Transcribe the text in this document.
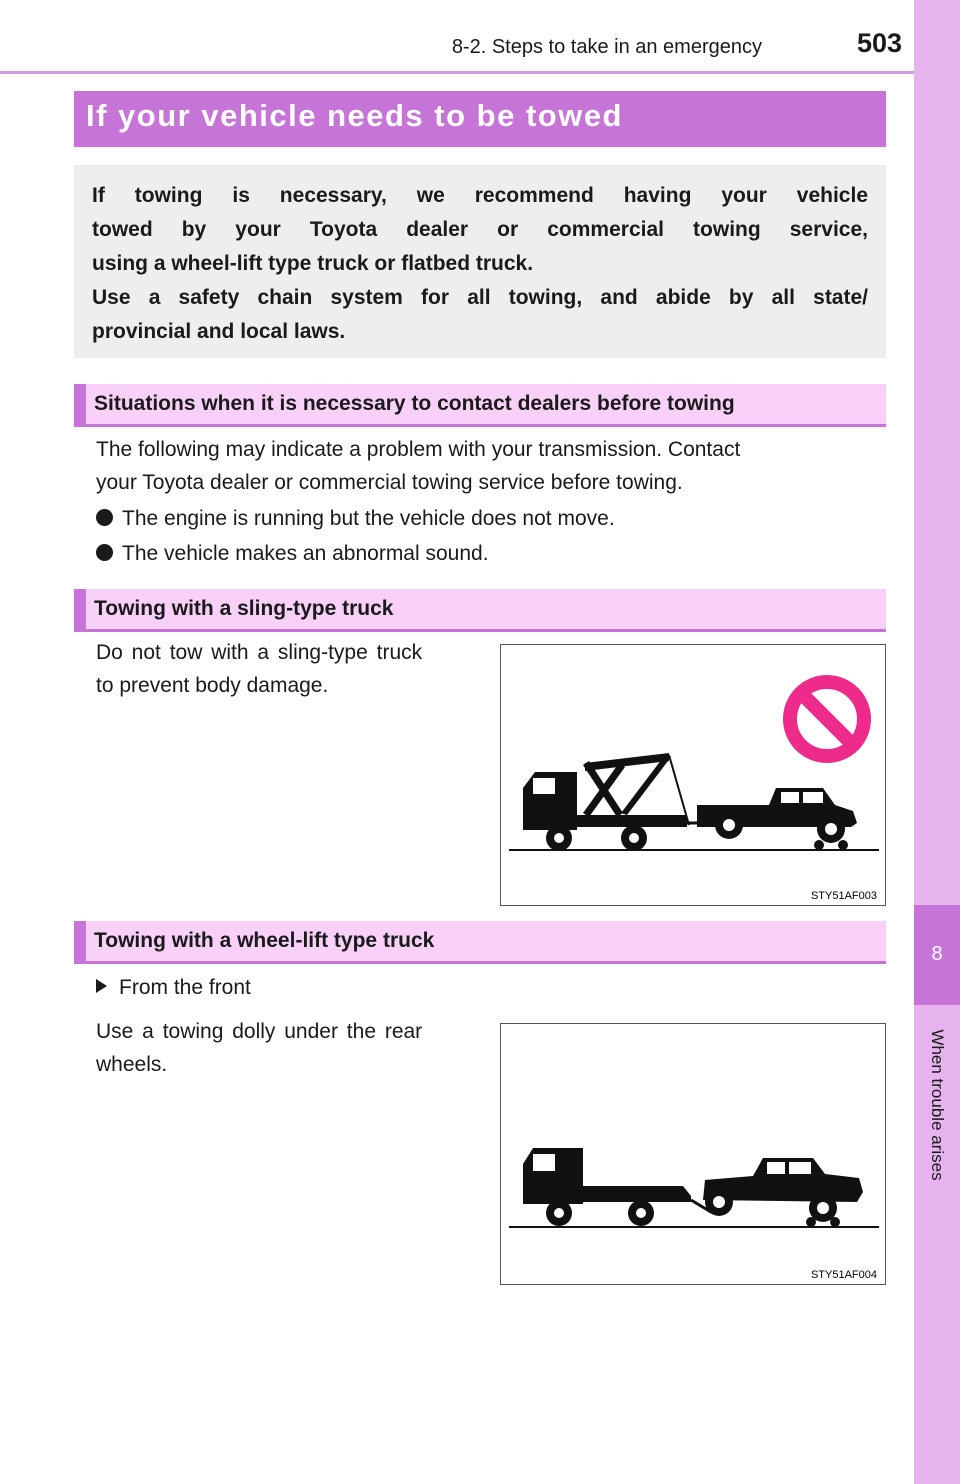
8
When trouble arises
8-2. Steps to take in an emergency	503
If your vehicle needs to be towed
If towing is necessary, we recommend having your vehicle
towed by your Toyota dealer or commercial towing service,
using a wheel-lift type truck or flatbed truck.
Use a safety chain system for all towing, and abide by all state/
provincial and local laws.
Situations when it is necessary to contact dealers before towing
The following may indicate a problem with your transmission. Contact
your Toyota dealer or commercial towing service before towing.
The engine is running but the vehicle does not move.
The vehicle makes an abnormal sound.
Towing with a sling-type truck
Do not tow with a sling-type truck
to prevent body damage.
STY51AF003
Towing with a wheel-lift type truck
From the front
Use a towing dolly under the rear
wheels.
STY51AF004
